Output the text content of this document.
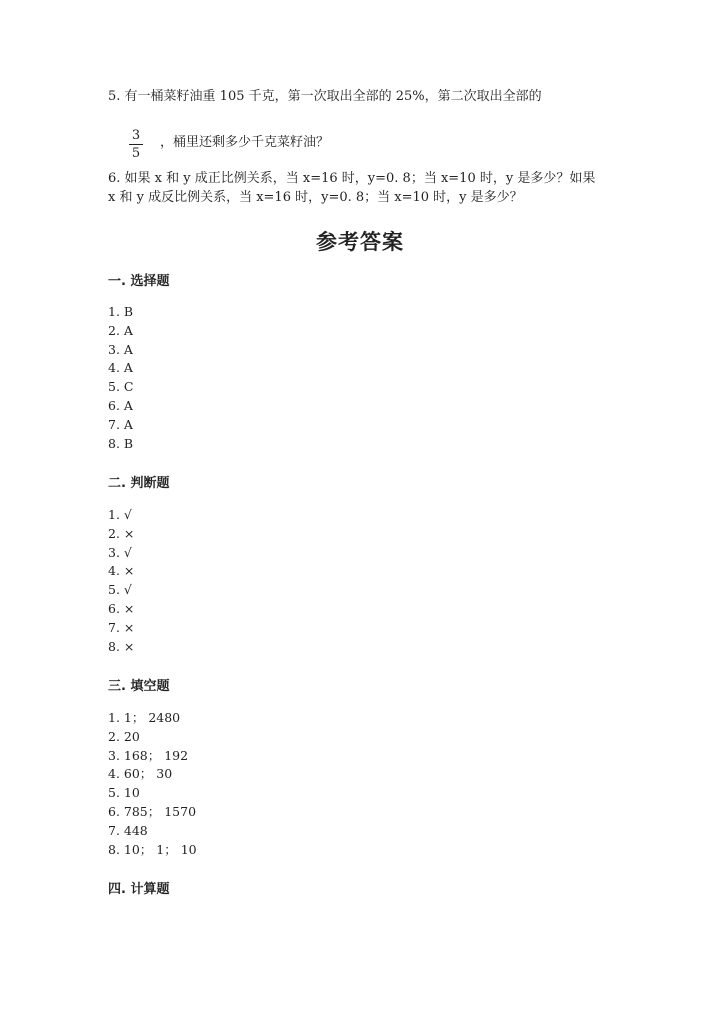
5. 有一桶菜籽油重 105 千克，第一次取出全部的 25%，第二次取出全部的
3
5
，桶里还剩多少千克菜籽油？
6. 如果 x 和 y 成正比例关系，当 x=16 时，y=0. 8；当 x=10 时，y 是多少？如果
x 和 y 成反比例关系，当 x=16 时，y=0. 8；当 x=10 时，y 是多少？
参考答案
一. 选择题
1. B
2. A
3. A
4. A
5. C
6. A
7. A
8. B
二. 判断题
1. √
2. ×
3. √
4. ×
5. √
6. ×
7. ×
8. ×
三. 填空题
1. 1； 2480
2. 20
3. 168； 192
4. 60； 30
5. 10
6. 785； 1570
7. 448
8. 10； 1； 10
四. 计算题
